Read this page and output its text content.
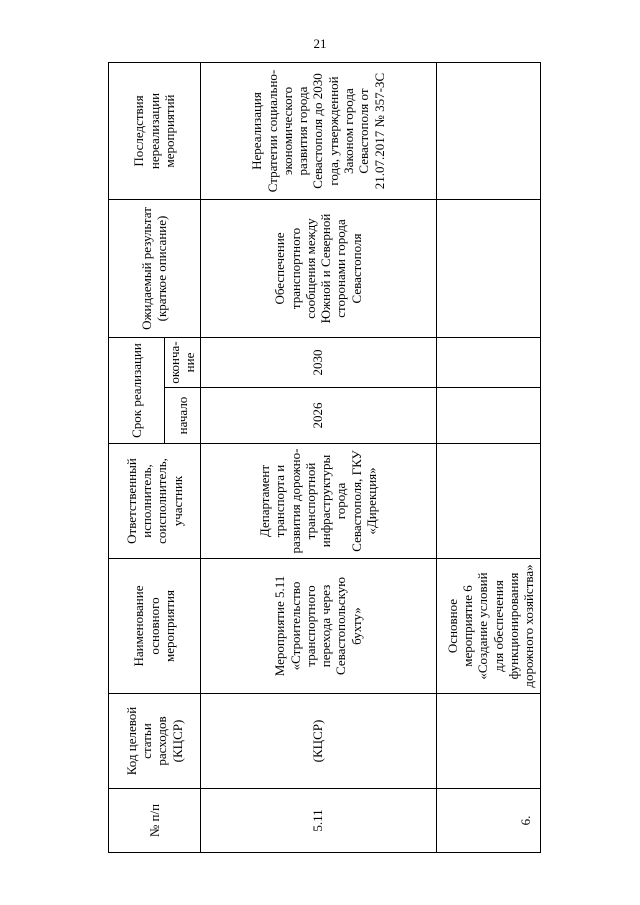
21
№ п/п	Код целевой статьи расходов (КЦСР)	Наименование основного мероприятия	Ответственный исполнитель, соисполнитель, участник	Срок реализации		Ожидаемый результат (краткое описание)	Последствия нереализации мероприятий
				начало	оконча-ние		
5.11	(КЦСР)	Мероприятие 5.11 «Строительство транспортного перехода через Севастопольскую бухту»	Департамент транспорта и развития дорожно-транспортной инфраструктуры города Севастополя, ГКУ «Дирекция»	2026	2030	Обеспечение транспортного сообщения между Южной и Северной сторонами города Севастополя	Нереализация Стратегии социально-экономического развития города Севастополя до 2030 года, утвержденной Законом города Севастополя от 21.07.2017 № 357-ЗС
6.		Основное мероприятие 6 «Создание условий для обеспечения функционирования дорожного хозяйства»					
